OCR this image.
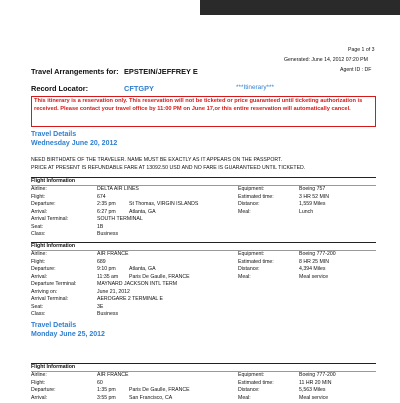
Page 1 of 3
Generated: June 14, 2012 07:20 PM
Agent ID : DF
Travel Arrangements for: EPSTEIN/JEFFREY E
Record Locator:	CFTGPY	***Itinerary***
This itinerary is a reservation only. This reservation will not be ticketed or price guaranteed until ticketing authorization is received. Please contact your travel office by 11:00 PM on June 17,or this entire reservation will automatically cancel.
Travel Details
Wednesday June 20, 2012
NEED BIRTHDATE OF THE TRAVELER. NAME MUST BE EXACTLY AS IT APPEARS ON THE PASSPORT.
PRICE AT PRESENT IS REFUNDABLE FARE AT 13092.50 USD AND NO FARE IS GUARANTEED UNTIL TICKETED.
Flight Information
Airline:	DELTA AIR LINES	Equipment:	Boeing 757
Flight:	674	Estimated time:	3 HR 52 MIN
Departure:	2:35 pm	St Thomas, VIRGIN ISLANDS	Distance:	1,559 Miles
Arrival:	6:27 pm	Atlanta, GA	Meal:	Lunch
Arrival Terminal:	SOUTH TERMINAL
Seat:	1B
Class:	Business
Flight Information
Airline:	AIR FRANCE	Equipment:	Boeing 777-200
Flight:	689	Estimated time:	8 HR 25 MIN
Departure:	9:10 pm	Atlanta, GA	Distance:	4,394 Miles
Arrival:	11:35 am Paris De Gaulle, FRANCE	Meal:	Meal service
Departure Terminal:	MAYNARD JACKSON INTL TERM
Arriving on:	June 21, 2012
Arrival Terminal:	AEROGARE 2 TERMINAL E
Seat:	3E
Class:	Business
Travel Details
Monday June 25, 2012
Flight Information
Airline:	AIR FRANCE	Equipment:	Boeing 777-200
Flight:	60	Estimated time:	11 HR 20 MIN
Departure:	1:35 pm	Paris De Gaulle, FRANCE	Distance:	5,563 Miles
Arrival:	3:55 pm	San Francisco, CA	Meal:	Meal service
